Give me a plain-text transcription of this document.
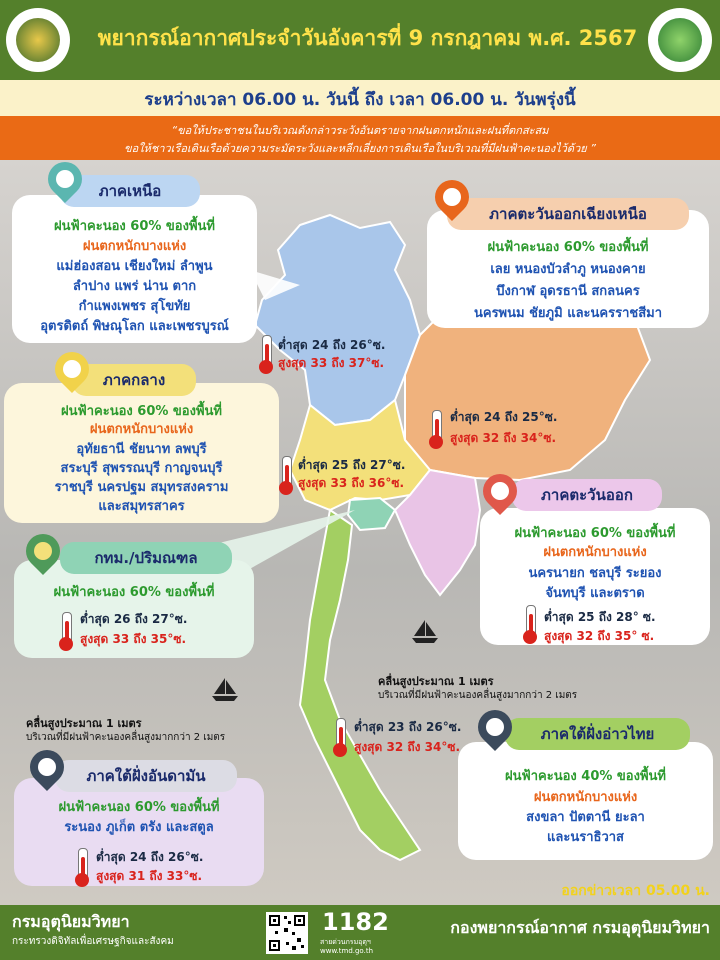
พยากรณ์อากาศประจำวันอังคารที่ 9 กรกฎาคม พ.ศ. 2567
ระหว่างเวลา 06.00 น. วันนี้ ถึง เวลา 06.00 น. วันพรุ่งนี้
“ขอให้ประชาชนในบริเวณดังกล่าวระวังอันตรายจากฝนตกหนักและฝนที่ตกสะสม
ขอให้ชาวเรือเดินเรือด้วยความระมัดระวังและหลีกเลี่ยงการเดินเรือในบริเวณที่มีฝนฟ้าคะนองไว้ด้วย ”
คลื่นสูงประมาณ 1 เมตร
บริเวณที่มีฝนฟ้าคะนองคลื่นสูงมากกว่า 2 เมตร
คลื่นสูงประมาณ 1 เมตร
บริเวณที่มีฝนฟ้าคะนองคลื่นสูงมากกว่า 2 เมตร
ภาคเหนือ
ฝนฟ้าคะนอง 60% ของพื้นที่
ฝนตกหนักบางแห่ง
แม่ฮ่องสอน เชียงใหม่ ลำพูน
ลำปาง แพร่ น่าน ตาก
กำแพงเพชร สุโขทัย
อุตรดิตถ์ พิษณุโลก และเพชรบูรณ์
ต่ำสุด 24 ถึง 26°ซ.
สูงสุด 33 ถึง 37°ซ.
ภาคตะวันออกเฉียงเหนือ
ฝนฟ้าคะนอง 60% ของพื้นที่
เลย หนองบัวลำภู หนองคาย
บึงกาฬ อุดรธานี สกลนคร
นครพนม ชัยภูมิ และนครราชสีมา
ต่ำสุด 24 ถึง 25°ซ.
สูงสุด 32 ถึง 34°ซ.
ภาคกลาง
ฝนฟ้าคะนอง 60% ของพื้นที่
ฝนตกหนักบางแห่ง
อุทัยธานี ชัยนาท ลพบุรี
สระบุรี สุพรรณบุรี กาญจนบุรี
ราชบุรี นครปฐม สมุทรสงคราม
และสมุทรสาคร
ต่ำสุด 25 ถึง 27°ซ.
สูงสุด 33 ถึง 36°ซ.
กทม./ปริมณฑล
ฝนฟ้าคะนอง 60% ของพื้นที่
ต่ำสุด 26 ถึง 27°ซ.
สูงสุด 33 ถึง 35°ซ.
ภาคตะวันออก
ฝนฟ้าคะนอง 60% ของพื้นที่
ฝนตกหนักบางแห่ง
นครนายก ชลบุรี ระยอง
จันทบุรี และตราด
ต่ำสุด 25 ถึง 28° ซ.
สูงสุด 32 ถึง 35° ซ.
ภาคใต้ฝั่งอ่าวไทย
ฝนฟ้าคะนอง 40% ของพื้นที่
ฝนตกหนักบางแห่ง
สงขลา ปัตตานี ยะลา
และนราธิวาส
ต่ำสุด 23 ถึง 26°ซ.
สูงสุด 32 ถึง 34°ซ.
ภาคใต้ฝั่งอันดามัน
ฝนฟ้าคะนอง 60% ของพื้นที่
ระนอง ภูเก็ต ตรัง และสตูล
ต่ำสุด 24 ถึง 26°ซ.
สูงสุด 31 ถึง 33°ซ.
ออกข่าวเวลา 05.00 น.
กรมอุตุนิยมวิทยา
กระทรวงดิจิทัลเพื่อเศรษฐกิจและสังคม
1182
สายด่วนกรมอุตุฯ
www.tmd.go.th
กองพยากรณ์อากาศ กรมอุตุนิยมวิทยา
